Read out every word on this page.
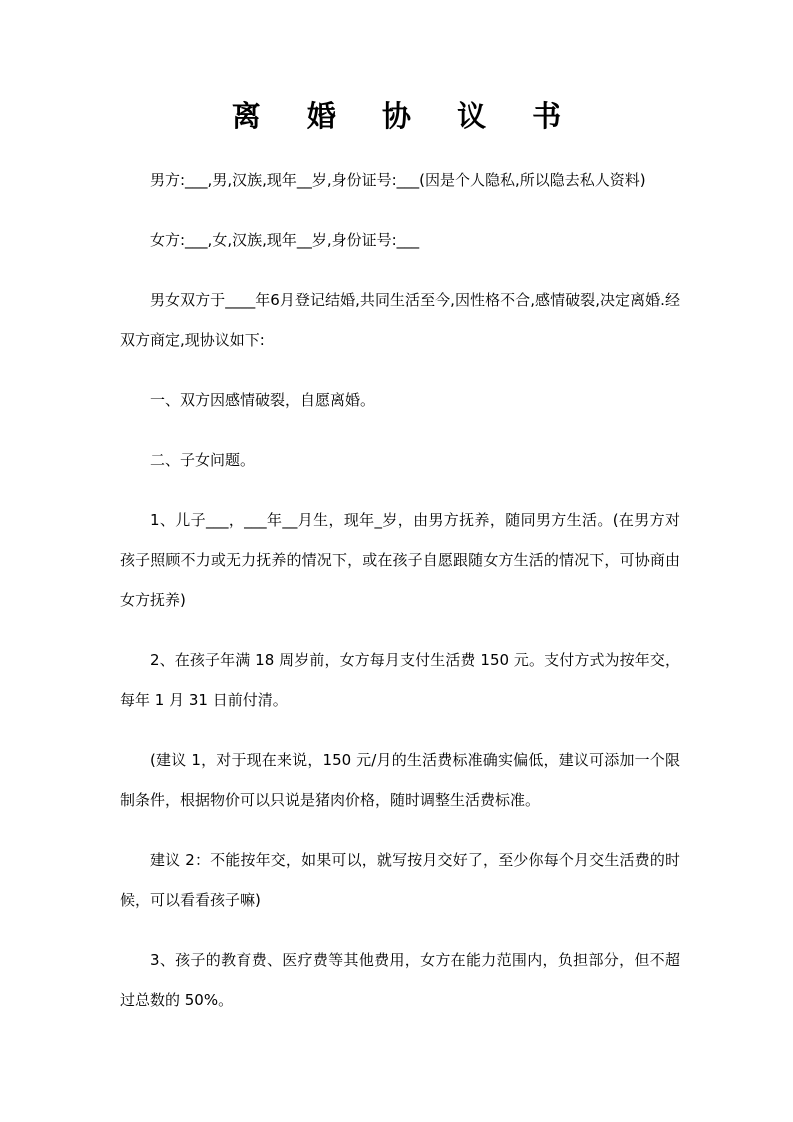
离 婚 协 议 书

男方:___,男,汉族,现年__岁,身份证号:___(因是个人隐私,所以隐去私人资料)

女方:___,女,汉族,现年__岁,身份证号:___

男女双方于____年6月登记结婚,共同生活至今,因性格不合,感情破裂,决定离婚.经双方商定,现协议如下:

一、双方因感情破裂，自愿离婚。

二、子女问题。

1、儿子___，___年__月生，现年_岁，由男方抚养，随同男方生活。(在男方对孩子照顾不力或无力抚养的情况下，或在孩子自愿跟随女方生活的情况下，可协商由女方抚养)

2、在孩子年满 18 周岁前，女方每月支付生活费 150 元。支付方式为按年交，每年 1 月 31 日前付清。

(建议 1，对于现在来说，150 元/月的生活费标准确实偏低，建议可添加一个限制条件，根据物价可以只说是猪肉价格，随时调整生活费标准。

建议 2：不能按年交，如果可以，就写按月交好了，至少你每个月交生活费的时候，可以看看孩子嘛)

3、孩子的教育费、医疗费等其他费用，女方在能力范围内，负担部分，但不超过总数的 50%。
